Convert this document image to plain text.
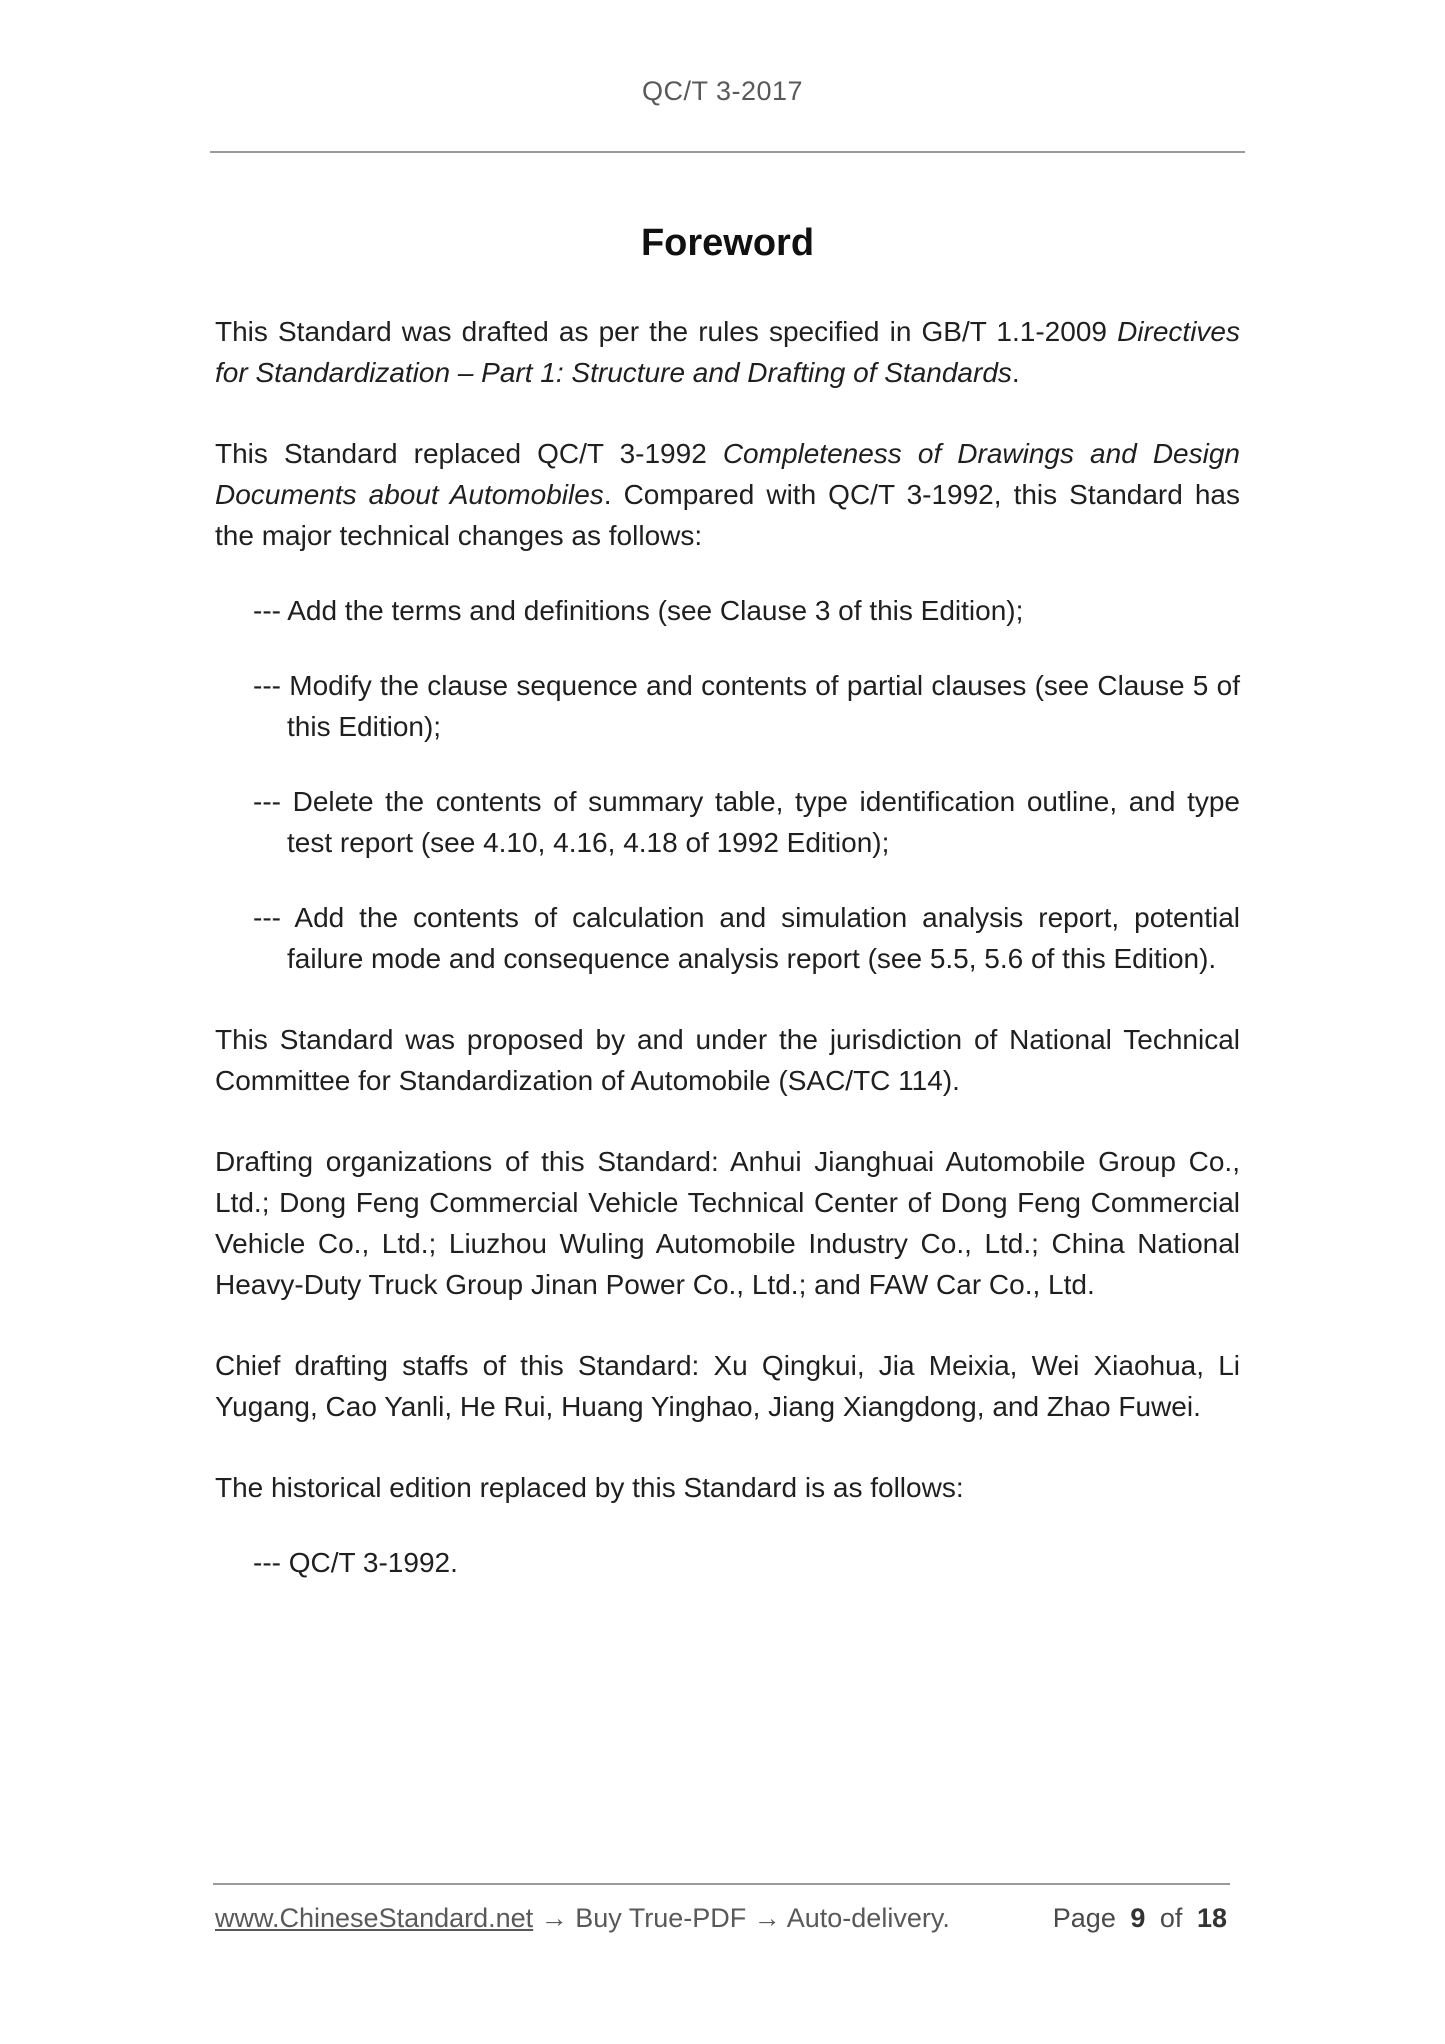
QC/T 3-2017
Foreword
This Standard was drafted as per the rules specified in GB/T 1.1-2009 Directives for Standardization – Part 1: Structure and Drafting of Standards.
This Standard replaced QC/T 3-1992 Completeness of Drawings and Design Documents about Automobiles. Compared with QC/T 3-1992, this Standard has the major technical changes as follows:
--- Add the terms and definitions (see Clause 3 of this Edition);
--- Modify the clause sequence and contents of partial clauses (see Clause 5 of this Edition);
--- Delete the contents of summary table, type identification outline, and type test report (see 4.10, 4.16, 4.18 of 1992 Edition);
--- Add the contents of calculation and simulation analysis report, potential failure mode and consequence analysis report (see 5.5, 5.6 of this Edition).
This Standard was proposed by and under the jurisdiction of National Technical Committee for Standardization of Automobile (SAC/TC 114).
Drafting organizations of this Standard: Anhui Jianghuai Automobile Group Co., Ltd.; Dong Feng Commercial Vehicle Technical Center of Dong Feng Commercial Vehicle Co., Ltd.; Liuzhou Wuling Automobile Industry Co., Ltd.; China National Heavy-Duty Truck Group Jinan Power Co., Ltd.; and FAW Car Co., Ltd.
Chief drafting staffs of this Standard: Xu Qingkui, Jia Meixia, Wei Xiaohua, Li Yugang, Cao Yanli, He Rui, Huang Yinghao, Jiang Xiangdong, and Zhao Fuwei.
The historical edition replaced by this Standard is as follows:
--- QC/T 3-1992.
www.ChineseStandard.net → Buy True-PDF → Auto-delivery.	Page 9 of 18
